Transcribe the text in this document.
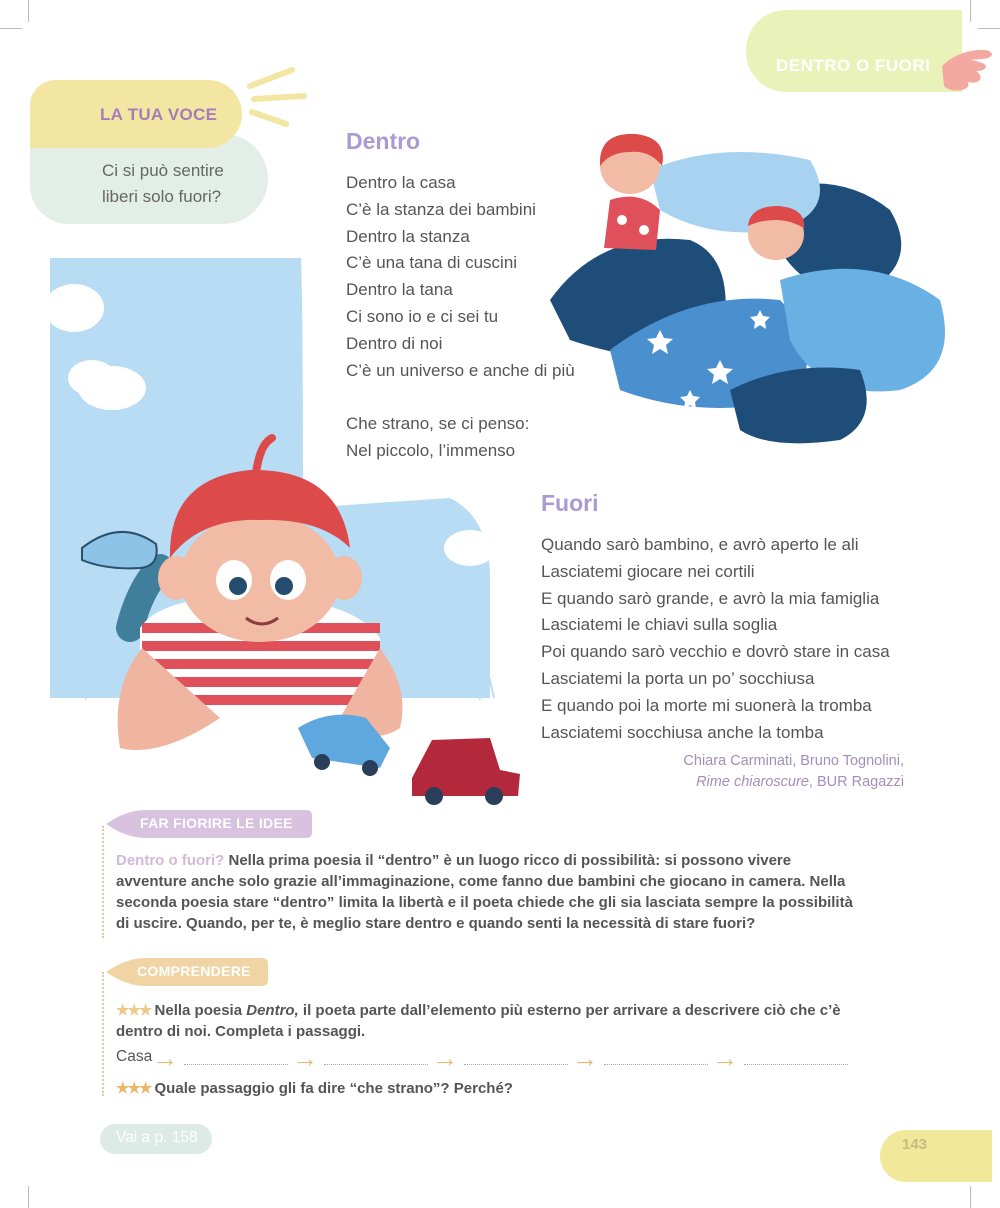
DENTRO O FUORI
LA TUA VOCE
Ci si può sentire liberi solo fuori?
Dentro
Dentro la casa
C’è la stanza dei bambini
Dentro la stanza
C’è una tana di cuscini
Dentro la tana
Ci sono io e ci sei tu
Dentro di noi
C’è un universo e anche di più
Che strano, se ci penso:
Nel piccolo, l’immenso
Fuori
Quando sarò bambino, e avrò aperto le ali
Lasciatemi giocare nei cortili
E quando sarò grande, e avrò la mia famiglia
Lasciatemi le chiavi sulla soglia
Poi quando sarò vecchio e dovrò stare in casa
Lasciatemi la porta un po’ socchiusa
E quando poi la morte mi suonerà la tromba
Lasciatemi socchiusa anche la tomba
Chiara Carminati, Bruno Tognolini,
Rime chiaroscure, BUR Ragazzi
FAR FIORIRE LE IDEE
Dentro o fuori? Nella prima poesia il “dentro” è un luogo ricco di possibilità: si possono vivere avventure anche solo grazie all’immaginazione, come fanno due bambini che giocano in camera. Nella seconda poesia stare “dentro” limita la libertà e il poeta chiede che gli sia lasciata sempre la possibilità di uscire. Quando, per te, è meglio stare dentro e quando senti la necessità di stare fuori?
COMPRENDERE
★★★ Nella poesia Dentro, il poeta parte dall’elemento più esterno per arrivare a descrivere ciò che c’è dentro di noi. Completa i passaggi.
Casa →	→	→	→	→
★★★ Quale passaggio gli fa dire “che strano”? Perché?
Vai a p. 158	143
